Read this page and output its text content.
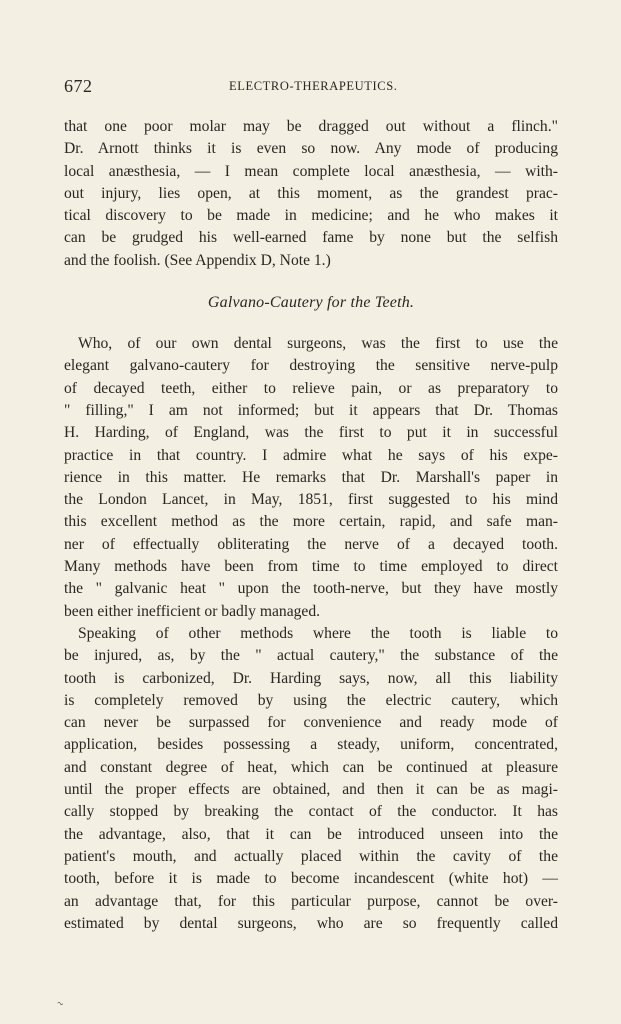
672	ELECTRO-THERAPEUTICS.
that one poor molar may be dragged out without a flinch."
Dr. Arnott thinks it is even so now. Any mode of producing
local anæsthesia, — I mean complete local anæsthesia, — with-
out injury, lies open, at this moment, as the grandest prac-
tical discovery to be made in medicine; and he who makes it
can be grudged his well-earned fame by none but the selfish
and the foolish. (See Appendix D, Note 1.)
Galvano-Cautery for the Teeth.
Who, of our own dental surgeons, was the first to use the
elegant galvano-cautery for destroying the sensitive nerve-pulp
of decayed teeth, either to relieve pain, or as preparatory to
" filling," I am not informed; but it appears that Dr. Thomas
H. Harding, of England, was the first to put it in successful
practice in that country. I admire what he says of his expe-
rience in this matter. He remarks that Dr. Marshall's paper in
the London Lancet, in May, 1851, first suggested to his mind
this excellent method as the more certain, rapid, and safe man-
ner of effectually obliterating the nerve of a decayed tooth.
Many methods have been from time to time employed to direct
the " galvanic heat " upon the tooth-nerve, but they have mostly
been either inefficient or badly managed.
Speaking of other methods where the tooth is liable to
be injured, as, by the " actual cautery," the substance of the
tooth is carbonized, Dr. Harding says, now, all this liability
is completely removed by using the electric cautery, which
can never be surpassed for convenience and ready mode of
application, besides possessing a steady, uniform, concentrated,
and constant degree of heat, which can be continued at pleasure
until the proper effects are obtained, and then it can be as magi-
cally stopped by breaking the contact of the conductor. It has
the advantage, also, that it can be introduced unseen into the
patient's mouth, and actually placed within the cavity of the
tooth, before it is made to become incandescent (white hot) —
an advantage that, for this particular purpose, cannot be over-
estimated by dental surgeons, who are so frequently called
~
